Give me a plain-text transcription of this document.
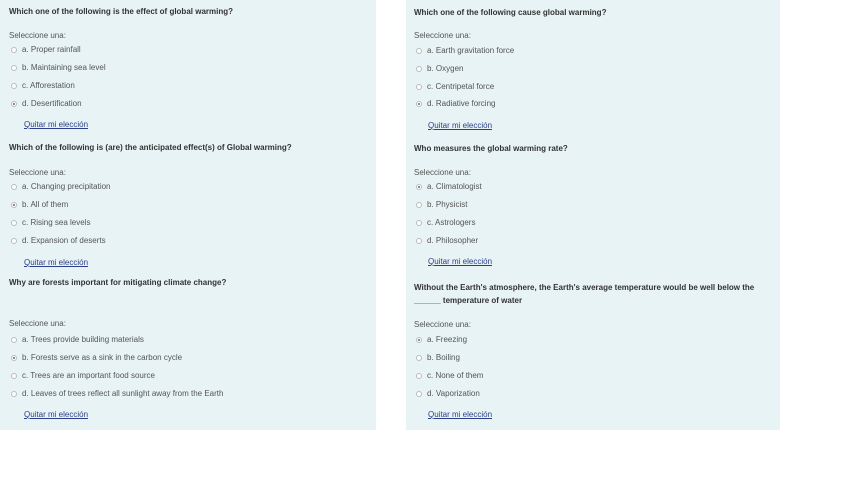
Which one of the following is the effect of global warming?
Seleccione una:
a. Proper rainfall
b. Maintaining sea level
c. Afforestation
d. Desertification
Quitar mi elección
Which one of the following cause global warming?
Seleccione una:
a. Earth gravitation force
b. Oxygen
c. Centripetal force
d. Radiative forcing
Quitar mi elección
Which of the following is (are) the anticipated effect(s) of Global warming?
Seleccione una:
a. Changing precipitation
b. All of them
c. Rising sea levels
d. Expansion of deserts
Quitar mi elección
Who measures the global warming rate?
Seleccione una:
a. Climatologist
b. Physicist
c. Astrologers
d. Philosopher
Quitar mi elección
Why are forests important for mitigating climate change?
Seleccione una:
a. Trees provide building materials
b. Forests serve as a sink in the carbon cycle
c. Trees are an important food source
d. Leaves of trees reflect all sunlight away from the Earth
Quitar mi elección
Without the Earth's atmosphere, the Earth's average temperature would be well below the
______ temperature of water
Seleccione una:
a. Freezing
b. Boiling
c. None of them
d. Vaporization
Quitar mi elección
